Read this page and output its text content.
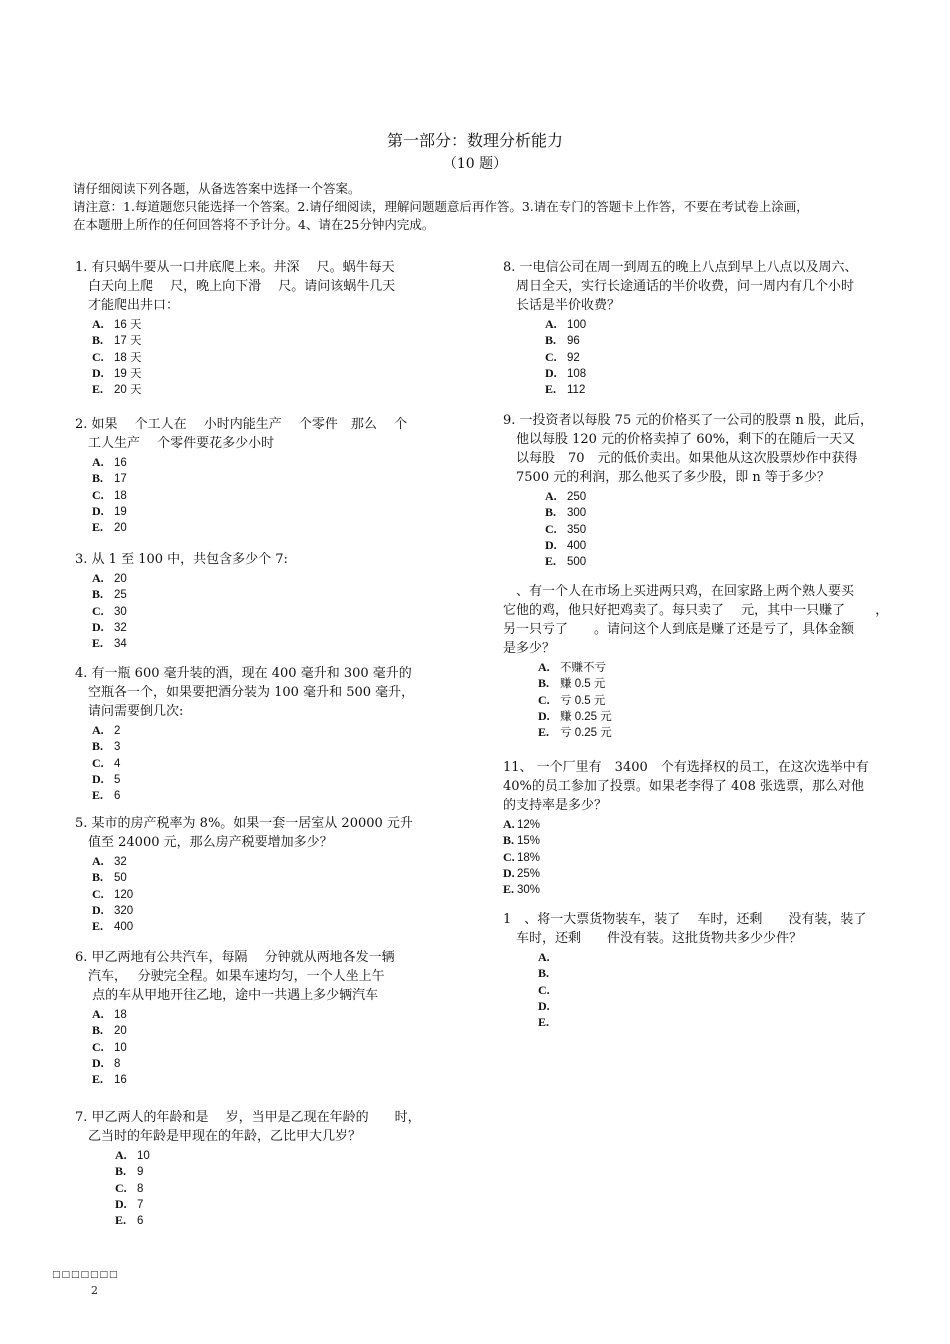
第一部分：数理分析能力
（10 题）
请仔细阅读下列各题，从备选答案中选择一个答案。
请注意：1.每道题您只能选择一个答案。2.请仔细阅读，理解问题题意后再作答。3.请在专门的答题卡上作答，不要在考试卷上涂画，
在本题册上所作的任何回答将不予计分。4、请在25分钟内完成。

1. 有只蜗牛要从一口井底爬上来。井深　 尺。蜗牛每天

　白天向上爬　 尺，晚上向下滑　 尺。请问该蜗牛几天

　才能爬出井口：

A. 16 天
B. 17 天
C. 18 天
D. 19 天
E. 20 天

2. 如果　 个工人在　 小时内能生产　 个零件　那么　 个

　工人生产　 个零件要花多少小时

A. 16
B. 17
C. 18
D. 19
E. 20

3. 从 1 至 100 中，共包含多少个 7:

A. 20
B. 25
C. 30
D. 32
E. 34

4. 有一瓶 600 毫升装的酒，现在 400 毫升和 300 毫升的

　空瓶各一个，如果要把酒分装为 100 毫升和 500 毫升，

　请问需要倒几次:

A. 2
B. 3
C. 4
D. 5
E. 6

5. 某市的房产税率为 8%。如果一套一居室从 20000 元升

　值至 24000 元，那么房产税要增加多少？

A. 32
B. 50
C. 120
D. 320
E. 400

6. 甲乙两地有公共汽车，每隔　 分钟就从两地各发一辆

　汽车，　 分驶完全程。如果车速均匀，一个人坐上午

　 点的车从甲地开往乙地，途中一共遇上多少辆汽车

A. 18
B. 20
C. 10
D. 8
E. 16

7. 甲乙两人的年龄和是　 岁，当甲是乙现在年龄的　　时，

　乙当时的年龄是甲现在的年龄，乙比甲大几岁？

A. 10
B. 9
C. 8
D. 7
E. 6

8. 一电信公司在周一到周五的晚上八点到早上八点以及周六、

　周日全天，实行长途通话的半价收费，问一周内有几个小时

　长话是半价收费？

A. 100
B. 96
C. 92
D. 108
E. 112

9. 一投资者以每股 75 元的价格买了一公司的股票 n 股，此后，

　他以每股 120 元的价格卖掉了 60%，剩下的在随后一天又

　以每股　70　元的低价卖出。如果他从这次股票炒作中获得

　7500 元的利润，那么他买了多少股，即 n 等于多少？

A. 250
B. 300
C. 350
D. 400
E. 500

　、有一个人在市场上买进两只鸡，在回家路上两个熟人要买

它他的鸡，他只好把鸡卖了。每只卖了　 元，其中一只赚了　 　，

另一只亏了　　。请问这个人到底是赚了还是亏了，具体金额

是多少？

A. 不赚不亏
B. 赚 0.5 元
C. 亏 0.5 元
D. 赚 0.25 元
E. 亏 0.25 元

11、 一个厂里有　3400　个有选择权的员工，在这次选举中有

40%的员工参加了投票。如果老李得了 408 张选票，那么对他

的支持率是多少？

A. 12%
B. 15%
C. 18%
D. 25%
E. 30%

1　、将一大票货物装车，装了　 车时，还剩　　没有装，装了

　车时，还剩　　件没有装。这批货物共多少少件？

A.
B.
C.
D.
E.
□□□□□□□
2
